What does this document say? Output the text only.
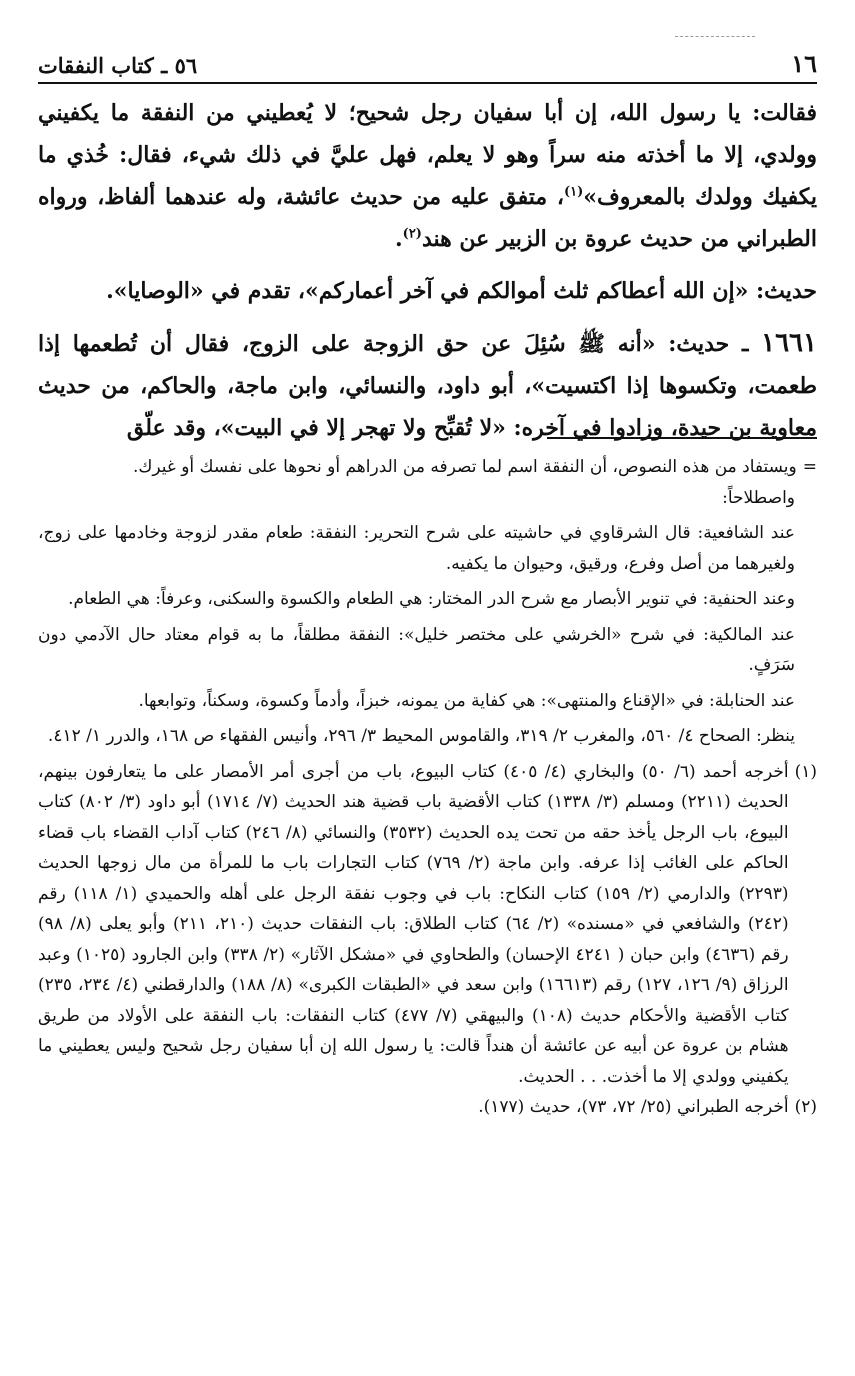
١٦
٥٦ ـ كتاب النفقات

فقالت: يا رسول الله، إن أبا سفيان رجل شحيح؛ لا يُعطيني من النفقة ما يكفيني وولدي، إلا ما أخذته منه سراً وهو لا يعلم، فهل عليَّ في ذلك شيء، فقال: خُذي ما يكفيك وولدك بالمعروف»$^{(١)}$، متفق عليه من حديث عائشة، وله عندهما ألفاظ، ورواه الطبراني من حديث عروة بن الزبير عن هند$^{(٢)}$.

حديث: «إن الله أعطاكم ثلث أموالكم في آخر أعماركم»، تقدم في «الوصايا».

١٦٦١ ـ حديث: «أنه ﷺ سُئِلَ عن حق الزوجة على الزوج، فقال أن تُطعمها إذا طعمت، وتكسوها إذا اكتسيت»، أبو داود، والنسائي، وابن ماجة، والحاكم، من حديث معاوية بن حيدة، وزادوا في آخره: «لا تُقبِّح ولا تهجر إلا في البيت»، وقد علّق

=
ويستفاد من هذه النصوص، أن النفقة اسم لما تصرفه من الدراهم أو نحوها على نفسك أو غيرك.

واصطلاحاً:

عند الشافعية: قال الشرقاوي في حاشيته على شرح التحرير: النفقة: طعام مقدر لزوجة وخادمها على زوج، ولغيرهما من أصل وفرع، ورقيق، وحيوان ما يكفيه.

وعند الحنفية: في تنوير الأبصار مع شرح الدر المختار: هي الطعام والكسوة والسكنى، وعرفاً: هي الطعام.

عند المالكية: في شرح «الخرشي على مختصر خليل»: النفقة مطلقاً، ما به قوام معتاد حال الآدمي دون سَرَفٍ.

عند الحنابلة: في «الإقناع والمنتهى»: هي كفاية من يمونه، خبزاً، وأدماً وكسوة، وسكناً، وتوابعها.

ينظر: الصحاح ٤/ ٥٦٠، والمغرب ٢/ ٣١٩، والقاموس المحيط ٣/ ٢٩٦، وأنيس الفقهاء ص ١٦٨، والدرر ١/ ٤١٢.

(١)
أخرجه أحمد (٦/ ٥٠) والبخاري (٤/ ٤٠٥) كتاب البيوع، باب من أجرى أمر الأمصار على ما يتعارفون بينهم، الحديث (٢٢١١) ومسلم (٣/ ١٣٣٨) كتاب الأقضية باب قضية هند الحديث (٧/ ١٧١٤) أبو داود (٣/ ٨٠٢) كتاب البيوع، باب الرجل يأخذ حقه من تحت يده الحديث (٣٥٣٢) والنسائي (٨/ ٢٤٦) كتاب آداب القضاء باب قضاء الحاكم على الغائب إذا عرفه. وابن ماجة (٢/ ٧٦٩) كتاب التجارات باب ما للمرأة من مال زوجها الحديث (٢٢٩٣) والدارمي (٢/ ١٥٩) كتاب النكاح: باب في وجوب نفقة الرجل على أهله والحميدي (١/ ١١٨) رقم (٢٤٢) والشافعي في «مسنده» (٢/ ٦٤) كتاب الطلاق: باب النفقات حديث (٢١٠، ٢١١) وأبو يعلى (٨/ ٩٨) رقم (٤٦٣٦) وابن حبان ( ٤٢٤١ الإحسان) والطحاوي في «مشكل الآثار» (٢/ ٣٣٨) وابن الجارود (١٠٢٥) وعبد الرزاق (٩/ ١٢٦، ١٢٧) رقم (١٦٦١٣) وابن سعد في «الطبقات الكبرى» (٨/ ١٨٨) والدارقطني (٤/ ٢٣٤، ٢٣٥) كتاب الأقضية والأحكام حديث (١٠٨) والبيهقي (٧/ ٤٧٧) كتاب النفقات: باب النفقة على الأولاد من طريق هشام بن عروة عن أبيه عن عائشة أن هنداً قالت: يا رسول الله إن أبا سفيان رجل شحيح وليس يعطيني ما يكفيني وولدي إلا ما أخذت. . . الحديث.
(٢)
أخرجه الطبراني (٢٥/ ٧٢، ٧٣)، حديث (١٧٧).
